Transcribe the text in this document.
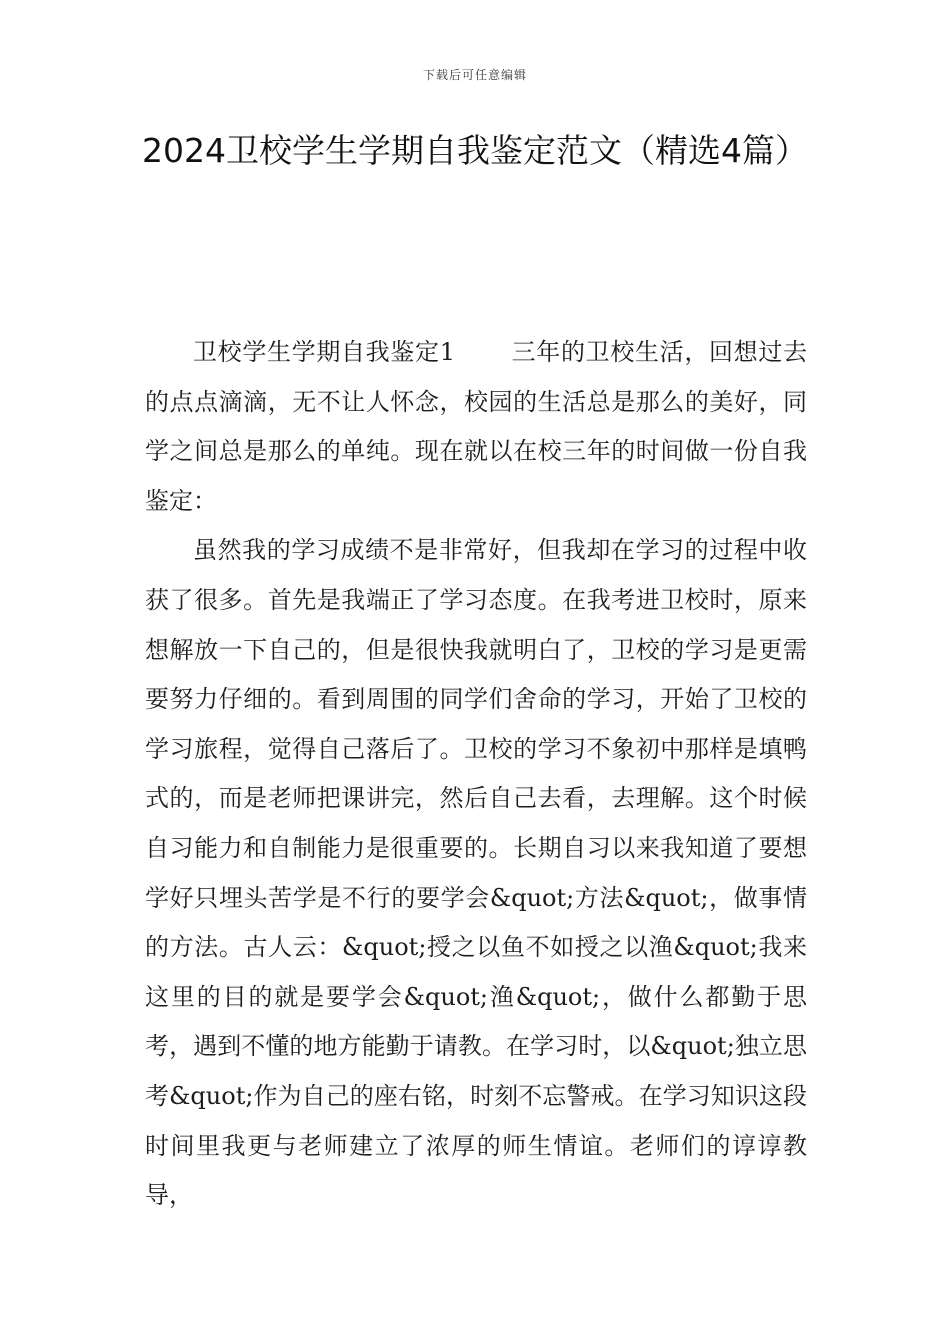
下载后可任意编辑
2024卫校学生学期自我鉴定范文（精选4篇）

卫校学生学期自我鉴定1 三年的卫校生活，回想过去的点点滴滴，无不让人怀念，校园的生活总是那么的美好，同学之间总是那么的单纯。现在就以在校三年的时间做一份自我鉴定：

虽然我的学习成绩不是非常好，但我却在学习的过程中收获了很多。首先是我端正了学习态度。在我考进卫校时，原来想解放一下自己的，但是很快我就明白了，卫校的学习是更需要努力仔细的。看到周围的同学们舍命的学习，开始了卫校的学习旅程，觉得自己落后了。卫校的学习不象初中那样是填鸭式的，而是老师把课讲完，然后自己去看，去理解。这个时候自习能力和自制能力是很重要的。长期自习以来我知道了要想学好只埋头苦学是不行的要学会&quot;方法&quot;，做事情的方法。古人云：&quot;授之以鱼不如授之以渔&quot;我来这里的目的就是要学会&quot;渔&quot;，做什么都勤于思考，遇到不懂的地方能勤于请教。在学习时，以&quot;独立思考&quot;作为自己的座右铭，时刻不忘警戒。在学习知识这段时间里我更与老师建立了浓厚的师生情谊。老师们的谆谆教导，
